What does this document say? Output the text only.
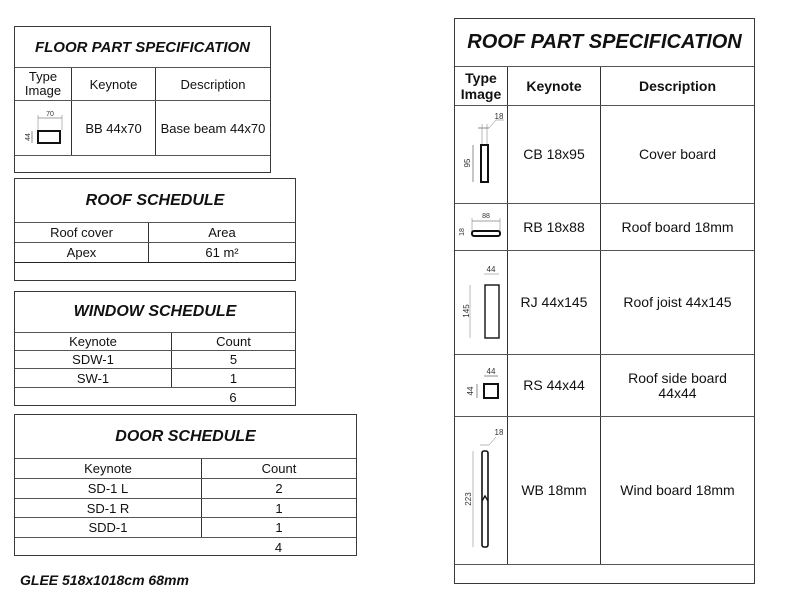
FLOOR PART SPECIFICATION
Type
Image	Keynote	Description
70
44
BB 44x70	Base beam 44x70
ROOF SCHEDULE
Roof cover	Area
Apex	61 m²
WINDOW SCHEDULE
Keynote	Count
SDW-1	5
SW-1	1
6
DOOR SCHEDULE
Keynote	Count
SD-1 L	2
SD-1 R	1
SDD-1	1
4
GLEE 518x1018cm 68mm
ROOF PART SPECIFICATION
Type
Image
Keynote	Description
18
95
CB 18x95	Cover board
88
18	RB 18x88	Roof board 18mm
44
145
RJ 44x145	Roof joist 44x145
44
44	RS 44x44	Roof side board 44x44
18
223
WB 18mm	Wind board 18mm
